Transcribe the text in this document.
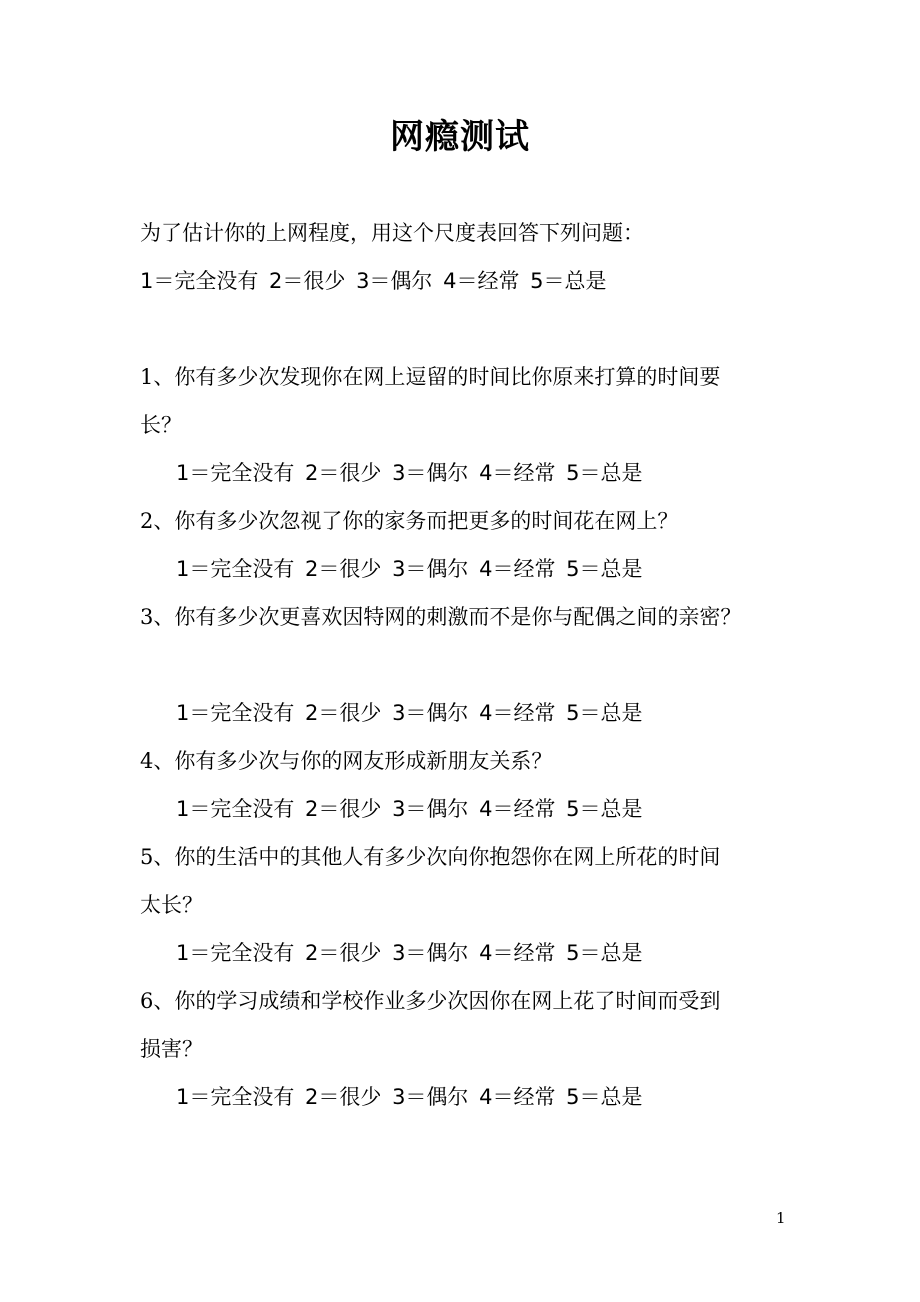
网瘾测试
为了估计你的上网程度，用这个尺度表回答下列问题：
1＝完全没有 2＝很少 3＝偶尔 4＝经常 5＝总是
1、你有多少次发现你在网上逗留的时间比你原来打算的时间要
长？
1＝完全没有 2＝很少 3＝偶尔 4＝经常 5＝总是
2、你有多少次忽视了你的家务而把更多的时间花在网上？
1＝完全没有 2＝很少 3＝偶尔 4＝经常 5＝总是
3、你有多少次更喜欢因特网的刺激而不是你与配偶之间的亲密？
1＝完全没有 2＝很少 3＝偶尔 4＝经常 5＝总是
4、你有多少次与你的网友形成新朋友关系？
1＝完全没有 2＝很少 3＝偶尔 4＝经常 5＝总是
5、你的生活中的其他人有多少次向你抱怨你在网上所花的时间
太长？
1＝完全没有 2＝很少 3＝偶尔 4＝经常 5＝总是
6、你的学习成绩和学校作业多少次因你在网上花了时间而受到
损害？
1＝完全没有 2＝很少 3＝偶尔 4＝经常 5＝总是
1
